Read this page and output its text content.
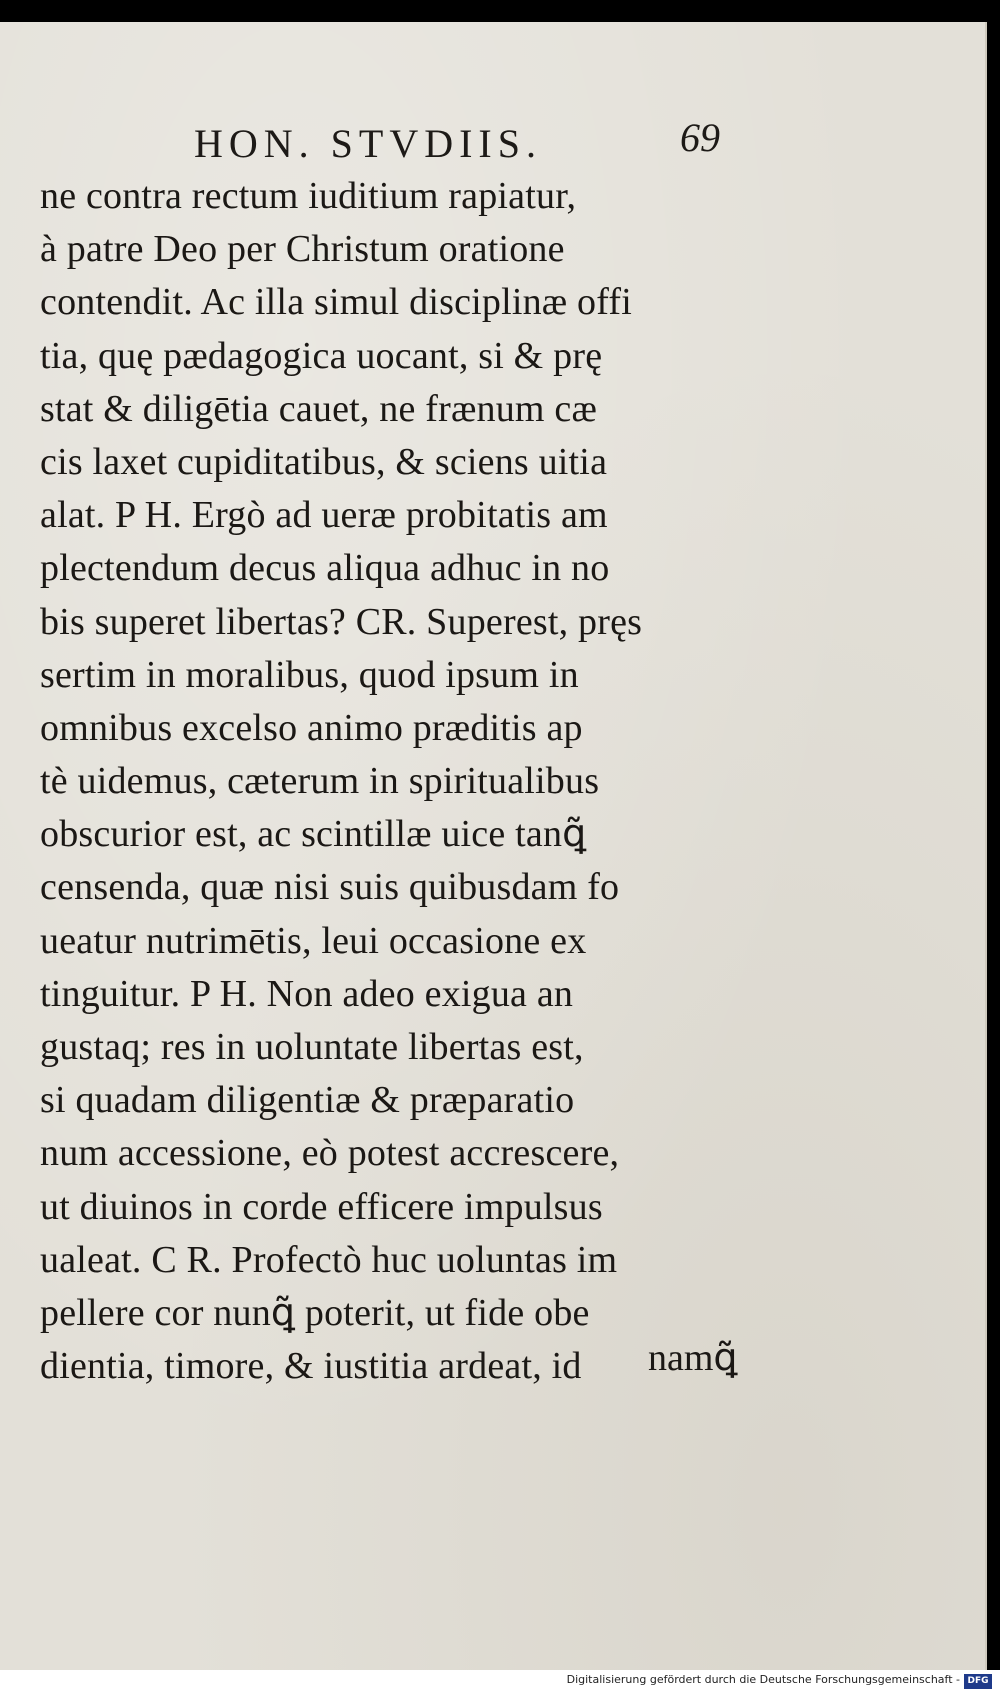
HON. STVDIIS.	69
ne contra rectum iuditium rapiatur,
à patre Deo per Christum oratione
contendit. Ac illa simul disciplinæ offi
tia, quę pædagogica uocant, si & prę
stat & diligētia cauet, ne frænum cæ
cis laxet cupiditatibus, & sciens uitia
alat. P H. Ergò ad ueræ probitatis am
plectendum decus aliqua adhuc in no
bis superet libertas? CR. Superest, pręs
sertim in moralibus, quod ipsum in
omnibus excelso animo præditis ap
tè uidemus, cæterum in spiritualibus
obscurior est, ac scintillæ uice tanꝗ̃
censenda, quæ nisi suis quibusdam fo
ueatur nutrimētis, leui occasione ex
tinguitur. P H. Non adeo exigua an
gustaq; res in uoluntate libertas est,
si quadam diligentiæ & præparatio
num accessione, eò potest accrescere,
ut diuinos in corde efficere impulsus
ualeat. C R. Profectò huc uoluntas im
pellere cor nunꝗ̃ poterit, ut fide obe
dientia, timore, & iustitia ardeat, id	namꝗ̃
Digitalisierung gefördert durch die Deutsche Forschungsgemeinschaft - DFG
